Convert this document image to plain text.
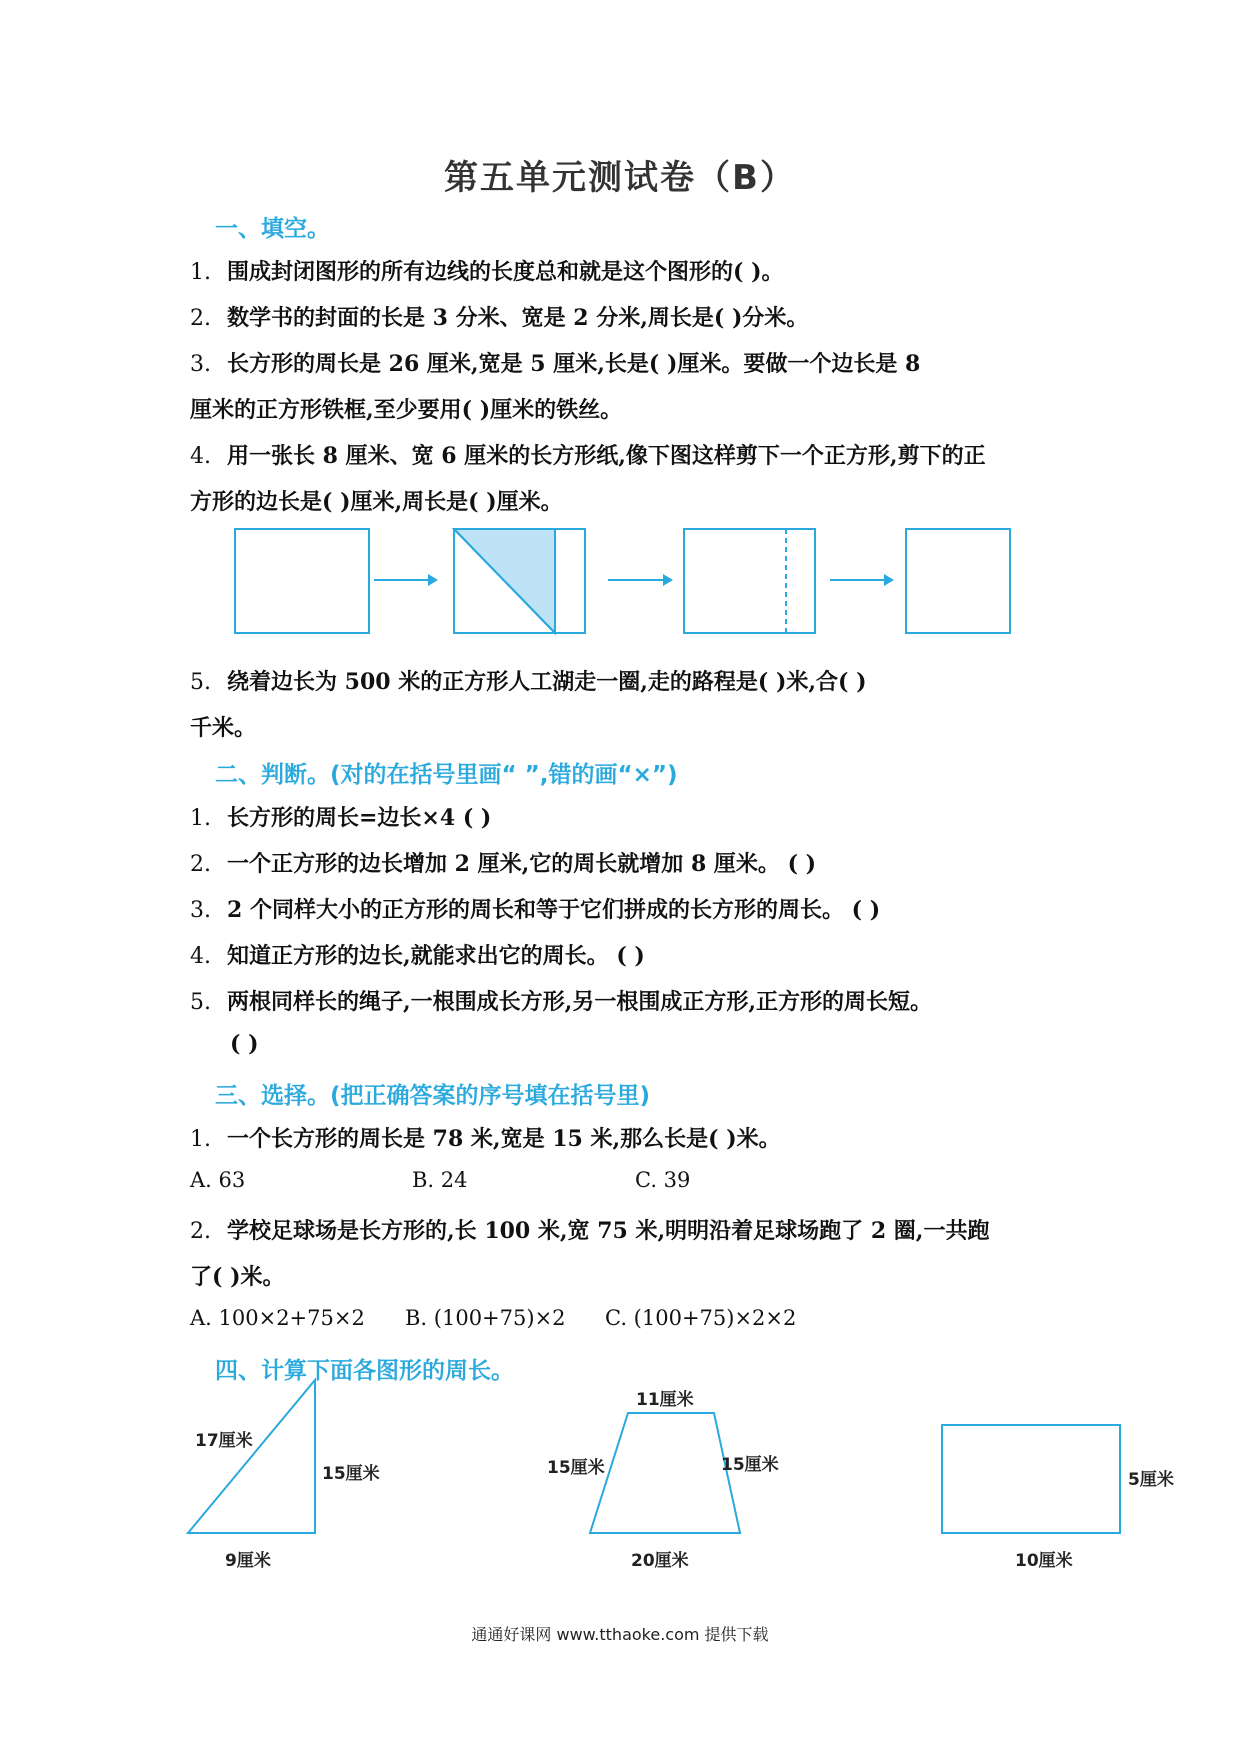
第五单元测试卷（B）
一、填空。
1. 围成封闭图形的所有边线的长度总和就是这个图形的( )。
2. 数学书的封面的长是 3 分米、宽是 2 分米,周长是( )分米。
3. 长方形的周长是 26 厘米,宽是 5 厘米,长是( )厘米。要做一个边长是 8
厘米的正方形铁框,至少要用( )厘米的铁丝。
4. 用一张长 8 厘米、宽 6 厘米的长方形纸,像下图这样剪下一个正方形,剪下的正
方形的边长是( )厘米,周长是( )厘米。
5. 绕着边长为 500 米的正方形人工湖走一圈,走的路程是( )米,合( )
千米。
二、判断。(对的在括号里画“ ”,错的画“×”)
1. 长方形的周长=边长×4 ( )
2. 一个正方形的边长增加 2 厘米,它的周长就增加 8 厘米。 ( )
3. 2 个同样大小的正方形的周长和等于它们拼成的长方形的周长。 ( )
4. 知道正方形的边长,就能求出它的周长。 ( )
5. 两根同样长的绳子,一根围成长方形,另一根围成正方形,正方形的周长短。
( )
三、选择。(把正确答案的序号填在括号里)
1. 一个长方形的周长是 78 米,宽是 15 米,那么长是( )米。
A. 63	B. 24	C. 39
2. 学校足球场是长方形的,长 100 米,宽 75 米,明明沿着足球场跑了 2 圈,一共跑
了( )米。
A. 100×2+75×2 B. (100+75)×2 C. (100+75)×2×2
四、计算下面各图形的周长。
17厘米
15厘米
9厘米
11厘米
15厘米	15厘米
20厘米
5厘米
10厘米
通通好课网 www.tthaoke.com 提供下载
